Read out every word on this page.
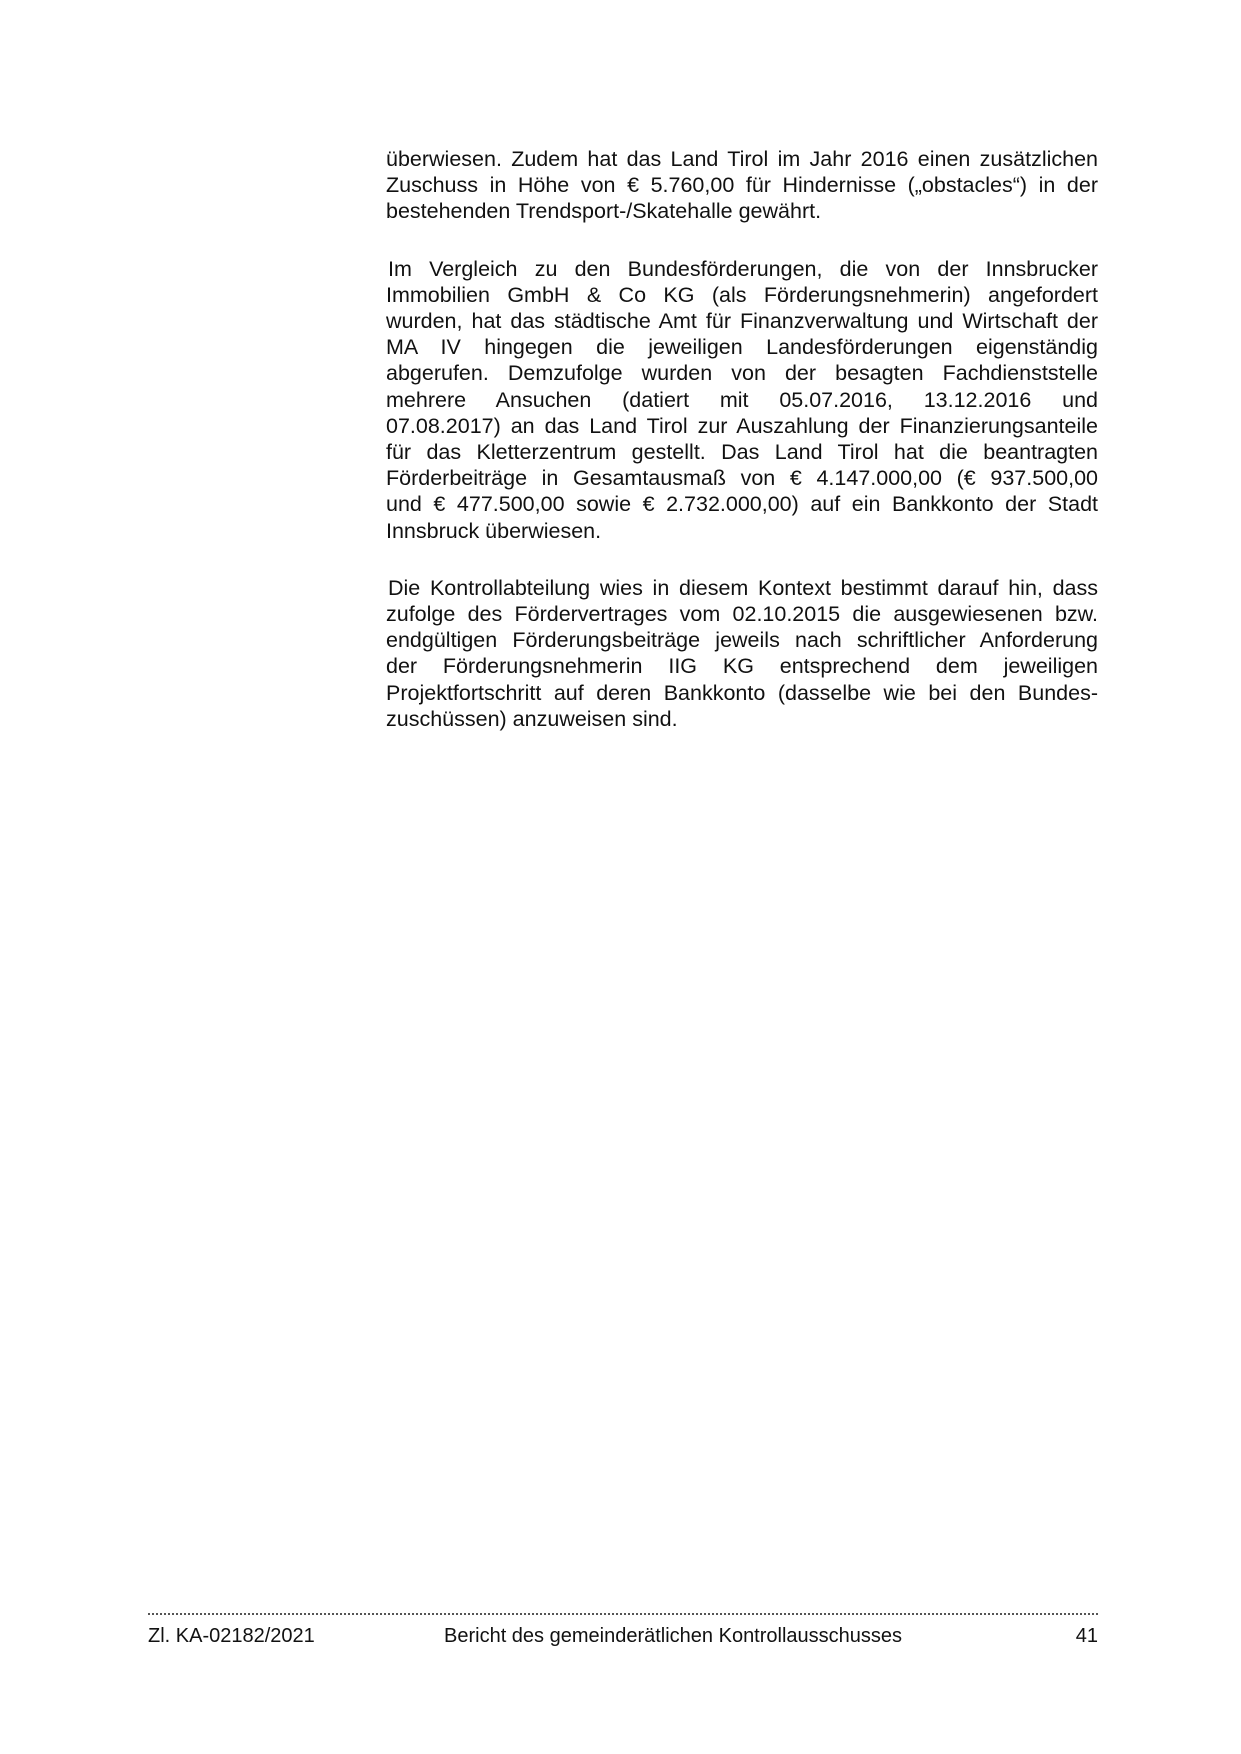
überwiesen. Zudem hat das Land Tirol im Jahr 2016 einen zusätzlichen
Zuschuss in Höhe von € 5.760,00 für Hindernisse („obstacles“) in der
bestehenden Trendsport-/Skatehalle gewährt.

Im Vergleich zu den Bundesförderungen, die von der Innsbrucker
Immobilien GmbH & Co KG (als Förderungsnehmerin) angefordert
wurden, hat das städtische Amt für Finanzverwaltung und Wirtschaft der
MA IV hingegen die jeweiligen Landesförderungen eigenständig
abgerufen. Demzufolge wurden von der besagten Fachdienststelle
mehrere Ansuchen (datiert mit 05.07.2016, 13.12.2016 und
07.08.2017) an das Land Tirol zur Auszahlung der Finanzierungsanteile
für das Kletterzentrum gestellt. Das Land Tirol hat die beantragten
Förderbeiträge in Gesamtausmaß von € 4.147.000,00 (€ 937.500,00
und € 477.500,00 sowie € 2.732.000,00) auf ein Bankkonto der Stadt
Innsbruck überwiesen.

Die Kontrollabteilung wies in diesem Kontext bestimmt darauf hin, dass
zufolge des Fördervertrages vom 02.10.2015 die ausgewiesenen bzw.
endgültigen Förderungsbeiträge jeweils nach schriftlicher Anforderung
der Förderungsnehmerin IIG KG entsprechend dem jeweiligen
Projektfortschritt auf deren Bankkonto (dasselbe wie bei den Bundes-
zuschüssen) anzuweisen sind.

Zl. KA-02182/2021	Bericht des gemeinderätlichen Kontrollausschusses	41
